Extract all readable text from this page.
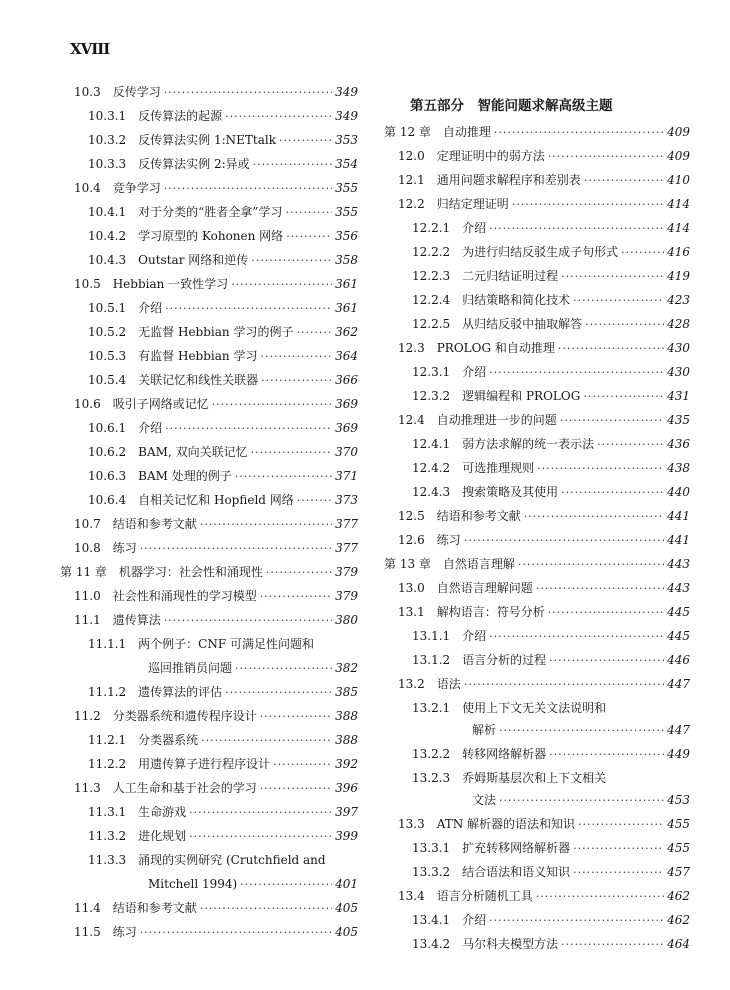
XVIII
第五部分　智能问题求解高级主题
10.3　反传学习 ·····	349
10.3.1　反传算法的起源 ·····	349
10.3.2　反传算法实例 1:NETtalk ·····	353
10.3.3　反传算法实例 2:异或 ·····	354
10.4　竞争学习 ·····	355
10.4.1　对于分类的“胜者全拿”学习 ·····	355
10.4.2　学习原型的 Kohonen 网络 ·····	356
10.4.3　Outstar 网络和逆传 ·····	358
10.5　Hebbian 一致性学习 ·····	361
10.5.1　介绍 ·····	361
10.5.2　无监督 Hebbian 学习的例子 ·····	362
10.5.3　有监督 Hebbian 学习 ·····	364
10.5.4　关联记忆和线性关联器 ·····	366
10.6　吸引子网络或记忆 ·····	369
10.6.1　介绍 ·····	369
10.6.2　BAM, 双向关联记忆 ·····	370
10.6.3　BAM 处理的例子 ·····	371
10.6.4　自相关记忆和 Hopfield 网络 ·····	373
10.7　结语和参考文献 ·····	377
10.8　练习 ·····	377
第 11 章　机器学习：社会性和涌现性 ·····	379
11.0　社会性和涌现性的学习模型 ·····	379
11.1　遗传算法 ·····	380
11.1.1　两个例子：CNF 可满足性问题和
巡回推销员问题 ·····	382
11.1.2　遗传算法的评估 ·····	385
11.2　分类器系统和遗传程序设计 ·····	388
11.2.1　分类器系统 ·····	388
11.2.2　用遗传算子进行程序设计 ·····	392
11.3　人工生命和基于社会的学习 ·····	396
11.3.1　生命游戏 ·····	397
11.3.2　进化规划 ·····	399
11.3.3　涌现的实例研究 (Crutchfield and
Mitchell 1994) ·····	401
11.4　结语和参考文献 ·····	405
11.5　练习 ·····	405
第 12 章　自动推理 ·····	409
12.0　定理证明中的弱方法 ·····	409
12.1　通用问题求解程序和差别表 ·····	410
12.2　归结定理证明 ·····	414
12.2.1　介绍 ·····	414
12.2.2　为进行归结反驳生成子句形式 ·····	416
12.2.3　二元归结证明过程 ·····	419
12.2.4　归结策略和简化技术 ·····	423
12.2.5　从归结反驳中抽取解答 ·····	428
12.3　PROLOG 和自动推理 ·····	430
12.3.1　介绍 ·····	430
12.3.2　逻辑编程和 PROLOG ·····	431
12.4　自动推理进一步的问题 ·····	435
12.4.1　弱方法求解的统一表示法 ·····	436
12.4.2　可选推理规则 ·····	438
12.4.3　搜索策略及其使用 ·····	440
12.5　结语和参考文献 ·····	441
12.6　练习 ·····	441
第 13 章　自然语言理解 ·····	443
13.0　自然语言理解问题 ·····	443
13.1　解构语言：符号分析 ·····	445
13.1.1　介绍 ·····	445
13.1.2　语言分析的过程 ·····	446
13.2　语法 ·····	447
13.2.1　使用上下文无关文法说明和
解析 ·····	447
13.2.2　转移网络解析器 ·····	449
13.2.3　乔姆斯基层次和上下文相关
文法 ·····	453
13.3　ATN 解析器的语法和知识 ·····	455
13.3.1　扩充转移网络解析器 ·····	455
13.3.2　结合语法和语义知识 ·····	457
13.4　语言分析随机工具 ·····	462
13.4.1　介绍 ·····	462
13.4.2　马尔科夫模型方法 ·····	464
